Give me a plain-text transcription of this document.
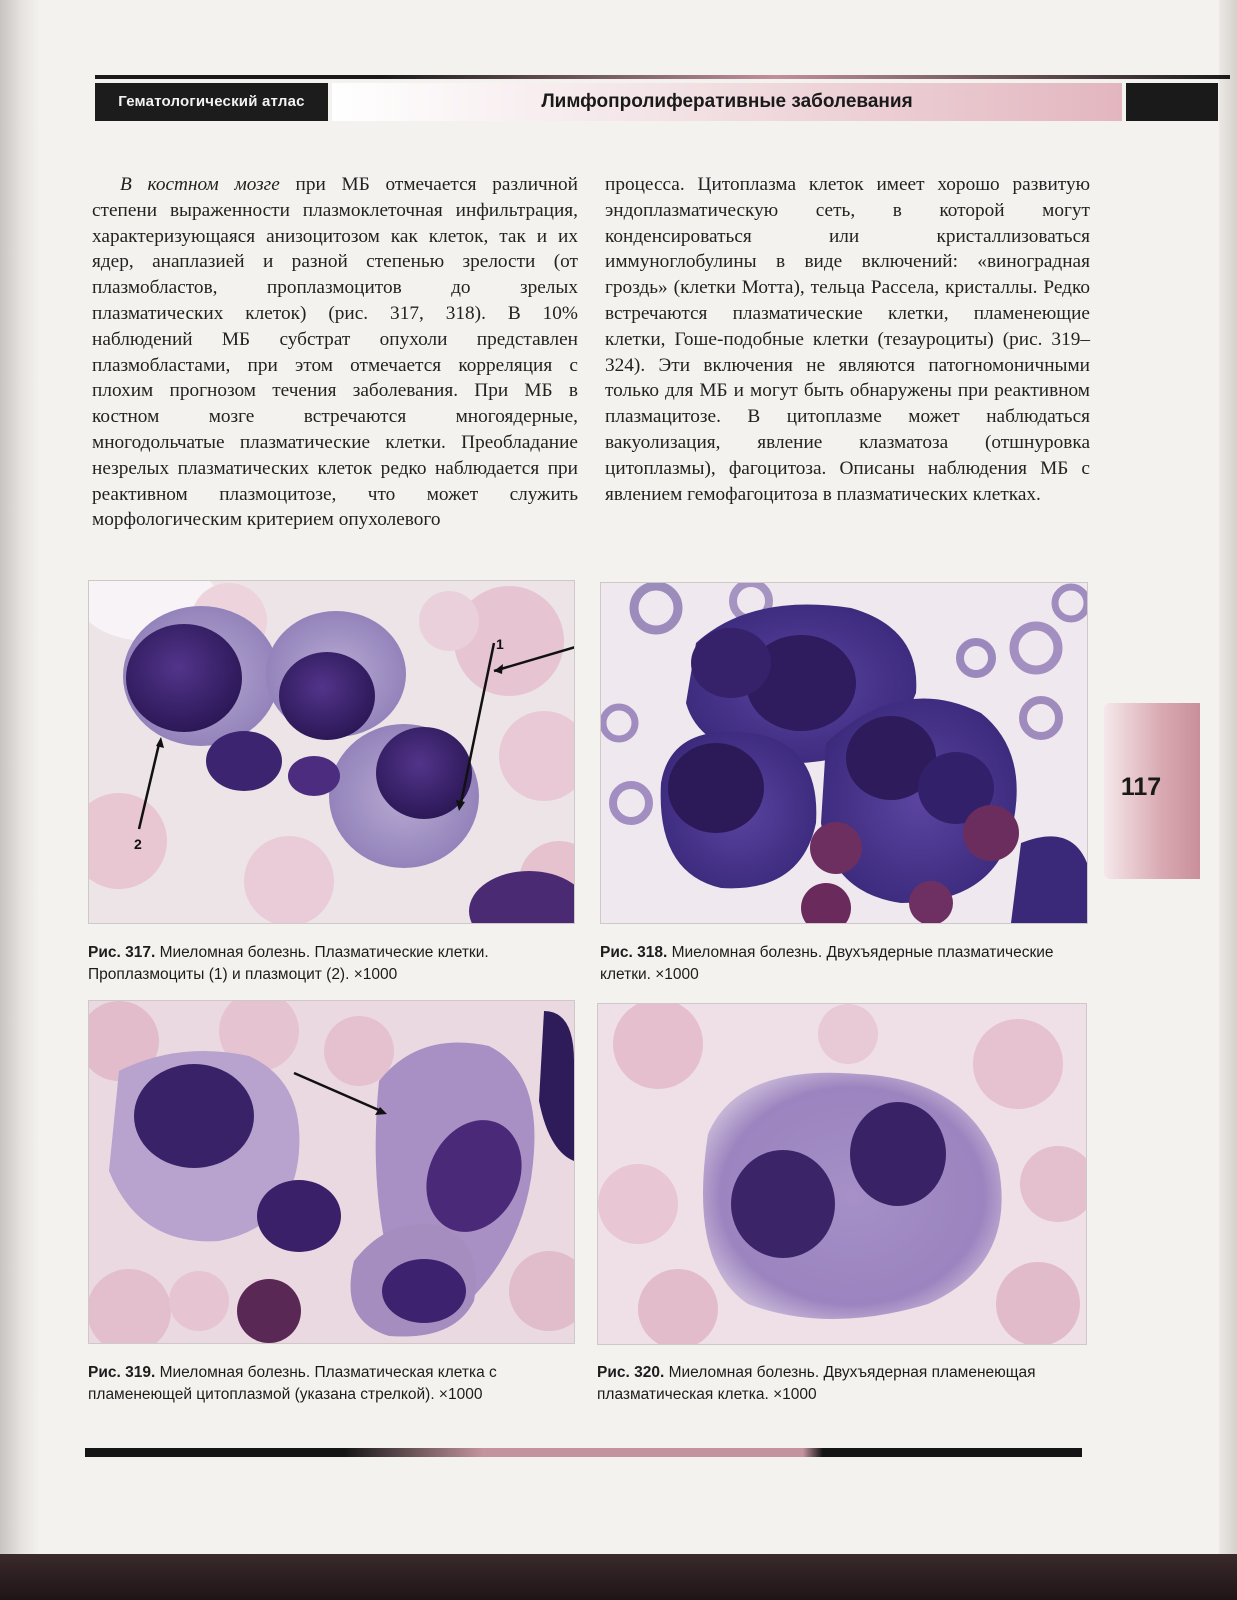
Гематологический атлас	Лимфопролиферативные заболевания

В костном мозге при МБ отмечается различной степени выраженности плазмоклеточная инфильтрация, характеризующаяся анизоцитозом как клеток, так и их ядер, анаплазией и разной степенью зрелости (от плазмобластов, проплазмоцитов до зрелых плазматических клеток) (рис. 317, 318). В 10% наблюдений МБ субстрат опухоли представлен плазмобластами, при этом отмечается корреляция с плохим прогнозом течения заболевания. При МБ в костном мозге встречаются многоядерные, многодольчатые плазматические клетки. Преобладание незрелых плазматических клеток редко наблюдается при реактивном плазмоцитозе, что может служить морфологическим критерием опухолевого

процесса. Цитоплазма клеток имеет хорошо развитую эндоплазматическую сеть, в которой могут конденсироваться или кристаллизоваться иммуноглобулины в виде включений: «виноградная гроздь» (клетки Мотта), тельца Рассела, кристаллы. Редко встречаются плазматические клетки, пламенеющие клетки, Гоше-подобные клетки (тезауроциты) (рис. 319–324). Эти включения не являются патогномоничными только для МБ и могут быть обнаружены при реактивном плазмацитозе. В цитоплазме может наблюдаться вакуолизация, явление клазматоза (отшнуровка цитоплазмы), фагоцитоза. Описаны наблюдения МБ с явлением гемофагоцитоза в плазматических клетках.

1
2
Рис. 317. Миеломная болезнь. Плазматические клетки. Проплазмоциты (1) и плазмоцит (2). ×1000
Рис. 318. Миеломная болезнь. Двухъядерные плазматические клетки. ×1000
Рис. 319. Миеломная болезнь. Плазматическая клетка с пламенеющей цитоплазмой (указана стрелкой). ×1000
Рис. 320. Миеломная болезнь. Двухъядерная пламенеющая плазматическая клетка. ×1000
117
